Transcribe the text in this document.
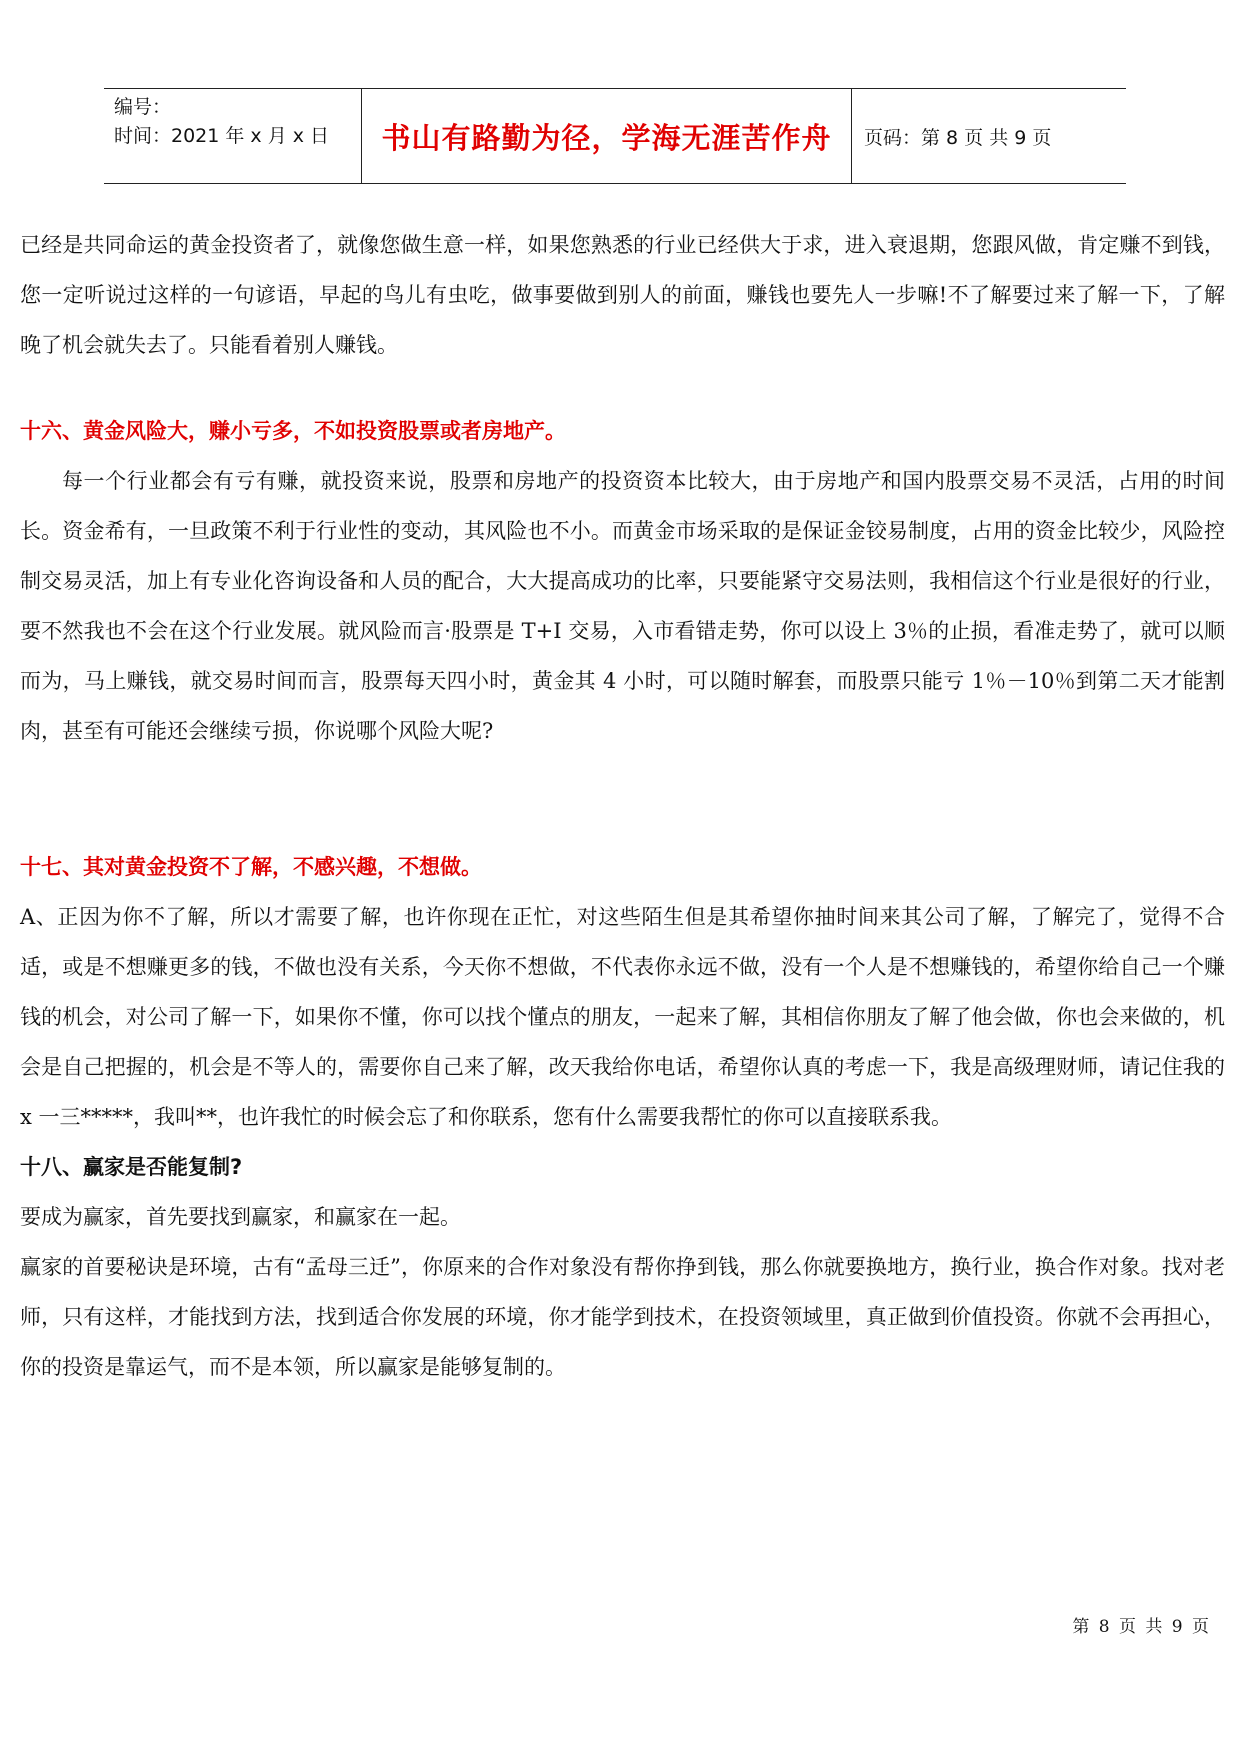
编号：
时间：2021 年 x 月 x 日	书山有路勤为径，学海无涯苦作舟	页码：第 8 页 共 9 页

已经是共同命运的黄金投资者了，就像您做生意一样，如果您熟悉的行业已经供大于求，进入衰退期，您跟风做，肯定赚不到钱，您一定听说过这样的一句谚语，早起的鸟儿有虫吃，做事要做到别人的前面，赚钱也要先人一步嘛!不了解要过来了解一下，了解晚了机会就失去了。只能看着别人赚钱。

十六、黄金风险大，赚小亏多，不如投资股票或者房地产。

每一个行业都会有亏有赚，就投资来说，股票和房地产的投资资本比较大，由于房地产和国内股票交易不灵活，占用的时间长。资金希有，一旦政策不利于行业性的变动，其风险也不小。而黄金市场采取的是保证金铰易制度，占用的资金比较少，风险控制交易灵活，加上有专业化咨询设备和人员的配合，大大提高成功的比率，只要能紧守交易法则，我相信这个行业是很好的行业，要不然我也不会在这个行业发展。就风险而言·股票是 T+I 交易，入市看错走势，你可以设上 3％的止损，看准走势了，就可以顺而为，马上赚钱，就交易时间而言，股票每天四小时，黄金其 4 小时，可以随时解套，而股票只能亏 1％－10％到第二天才能割肉，甚至有可能还会继续亏损，你说哪个风险大呢?

十七、其对黄金投资不了解，不感兴趣，不想做。

A、正因为你不了解，所以才需要了解，也许你现在正忙，对这些陌生但是其希望你抽时间来其公司了解，了解完了，觉得不合适，或是不想赚更多的钱，不做也没有关系，今天你不想做，不代表你永远不做，没有一个人是不想赚钱的，希望你给自己一个赚钱的机会，对公司了解一下，如果你不懂，你可以找个懂点的朋友，一起来了解，其相信你朋友了解了他会做，你也会来做的，机会是自己把握的，机会是不等人的，需要你自己来了解，改天我给你电话，希望你认真的考虑一下，我是高级理财师，请记住我的 x 一三*****，我叫**，也许我忙的时候会忘了和你联系，您有什么需要我帮忙的你可以直接联系我。

十八、赢家是否能复制?

要成为赢家，首先要找到赢家，和赢家在一起。

赢家的首要秘诀是环境，古有“孟母三迁”，你原来的合作对象没有帮你挣到钱，那么你就要换地方，换行业，换合作对象。找对老师，只有这样，才能找到方法，找到适合你发展的环境，你才能学到技术，在投资领域里，真正做到价值投资。你就不会再担心，你的投资是靠运气，而不是本领，所以赢家是能够复制的。

第 8 页 共 9 页
